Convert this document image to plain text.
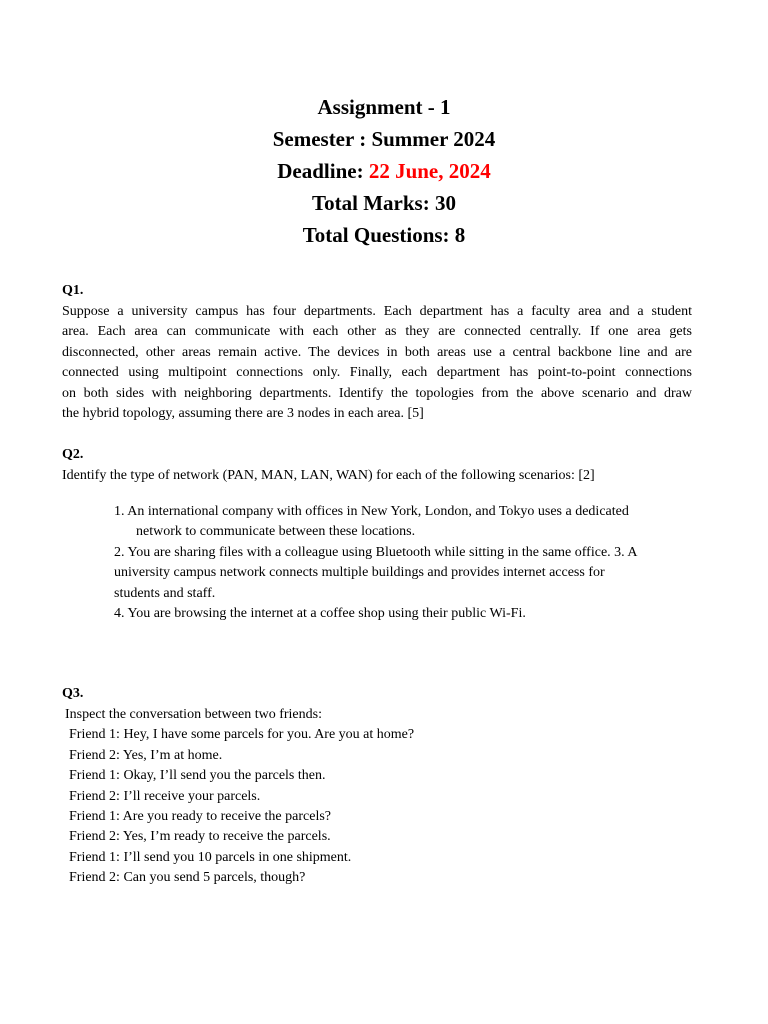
Assignment - 1
Semester : Summer 2024
Deadline: 22 June, 2024
Total Marks: 30
Total Questions: 8
Q1.
Suppose a university campus has four departments. Each department has a faculty area and a student
area. Each area can communicate with each other as they are connected centrally. If one area gets
disconnected, other areas remain active. The devices in both areas use a central backbone line and are
connected using multipoint connections only. Finally, each department has point-to-point connections
on both sides with neighboring departments. Identify the topologies from the above scenario and draw
the hybrid topology, assuming there are 3 nodes in each area. [5]
Q2.
Identify the type of network (PAN, MAN, LAN, WAN) for each of the following scenarios: [2]
1. An international company with offices in New York, London, and Tokyo uses a dedicated
network to communicate between these locations.
2. You are sharing files with a colleague using Bluetooth while sitting in the same office. 3. A
university campus network connects multiple buildings and provides internet access for
students and staff.
4. You are browsing the internet at a coffee shop using their public Wi-Fi.
Q3.
Inspect the conversation between two friends:
Friend 1: Hey, I have some parcels for you. Are you at home?
Friend 2: Yes, I’m at home.
Friend 1: Okay, I’ll send you the parcels then.
Friend 2: I’ll receive your parcels.
Friend 1: Are you ready to receive the parcels?
Friend 2: Yes, I’m ready to receive the parcels.
Friend 1: I’ll send you 10 parcels in one shipment.
Friend 2: Can you send 5 parcels, though?
